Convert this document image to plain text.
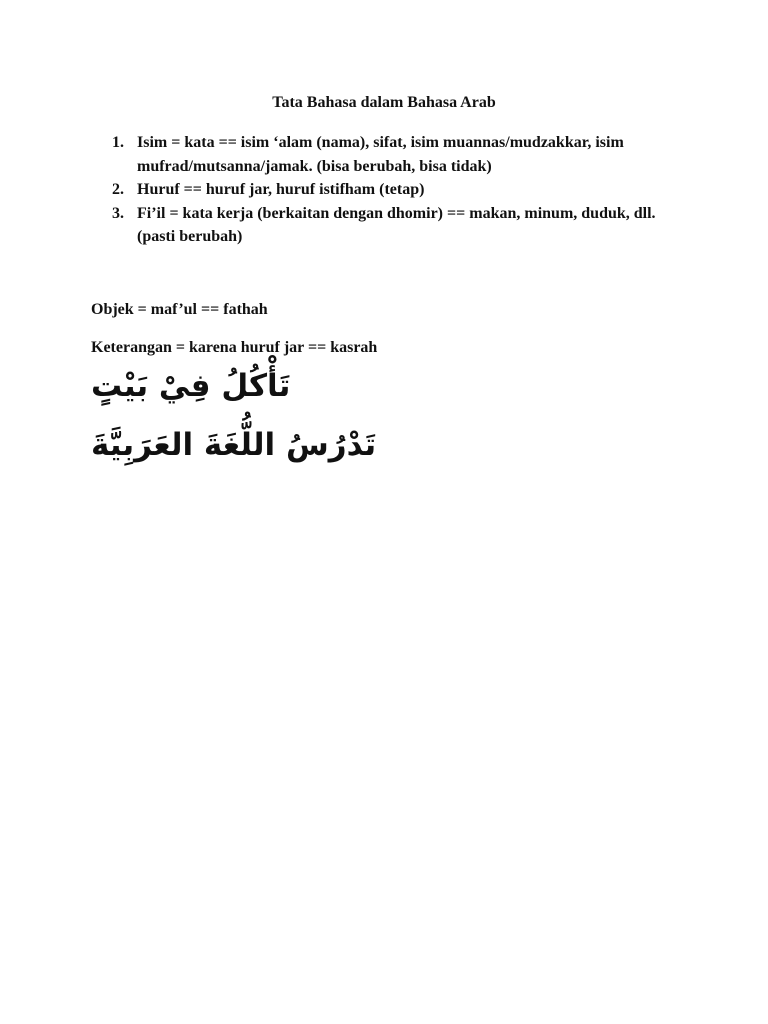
Tata Bahasa dalam Bahasa Arab
1. Isim = kata == isim ‘alam (nama), sifat, isim muannas/mudzakkar, isim mufrad/mutsanna/jamak. (bisa berubah, bisa tidak)
2. Huruf == huruf jar, huruf istifham (tetap)
3. Fi’il = kata kerja (berkaitan dengan dhomir) == makan, minum, duduk, dll. (pasti berubah)
Objek = maf’ul == fathah
Keterangan = karena huruf jar == kasrah
تَأْكُلُ فِيْ بَيْتٍ
تَدْرُسُ اللُّغَةَ العَرَبِيَّةَ
